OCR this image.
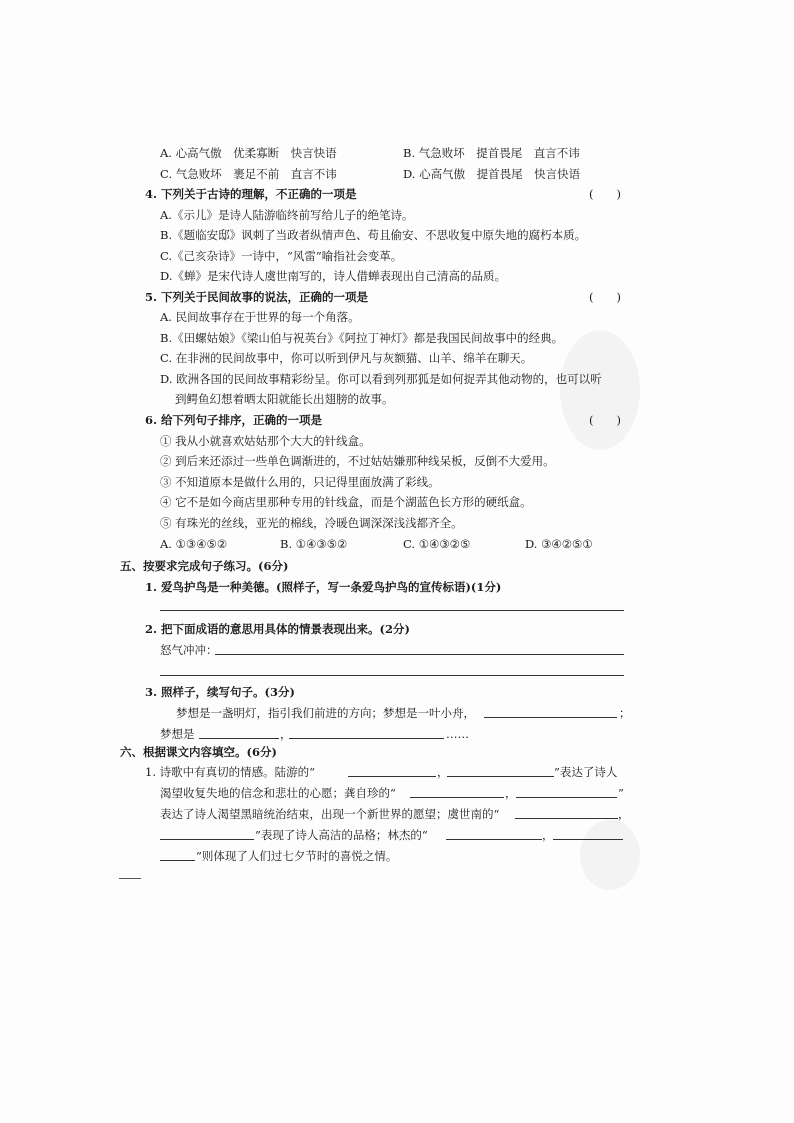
A. 心高气傲　优柔寡断　快言快语	B. 气急败坏　提首畏尾　直言不讳
C. 气急败坏　裹足不前　直言不讳	D. 心高气傲　提首畏尾　快言快语
4. 下列关于古诗的理解，不正确的一项是	(　　)
A.《示儿》是诗人陆游临终前写给儿子的绝笔诗。
B.《题临安邸》讽刺了当政者纵情声色、苟且偷安、不思收复中原失地的腐朽本质。
C.《己亥杂诗》一诗中，“风雷”喻指社会变革。
D.《蝉》是宋代诗人虞世南写的，诗人借蝉表现出自己清高的品质。
5. 下列关于民间故事的说法，正确的一项是	(　　)
A. 民间故事存在于世界的每一个角落。
B.《田螺姑娘》《梁山伯与祝英台》《阿拉丁神灯》都是我国民间故事中的经典。
C. 在非洲的民间故事中，你可以听到伊凡与灰额猫、山羊、绵羊在聊天。
D. 欧洲各国的民间故事精彩纷呈。你可以看到列那狐是如何捉弄其他动物的，也可以听
到鳄鱼幻想着晒太阳就能长出翅膀的故事。
6. 给下列句子排序，正确的一项是	(　　)
① 我从小就喜欢姑姑那个大大的针线盒。
② 到后来还添过一些单色调渐进的，不过姑姑嫌那种线呆板，反倒不大爱用。
③ 不知道原本是做什么用的，只记得里面放满了彩线。
④ 它不是如今商店里那种专用的针线盒，而是个湖蓝色长方形的硬纸盒。
⑤ 有珠光的丝线，亚光的棉线，冷暖色调深深浅浅都齐全。
A. ①③④⑤②	B. ①④③⑤②	C. ①④③②⑤	D. ③④②⑤①
五、按要求完成句子练习。(6分)
1. 爱鸟护鸟是一种美德。(照样子，写一条爱鸟护鸟的宣传标语)(1分)
2. 把下面成语的意思用具体的情景表现出来。(2分)
怒气冲冲：
3. 照样子，续写句子。(3分)
梦想是一盏明灯，指引我们前进的方向；梦想是一叶小舟，	；
梦想是	，	……
六、根据课文内容填空。(6分)
1. 诗歌中有真切的情感。陆游的“	，	”表达了诗人
渴望收复失地的信念和悲壮的心愿；龚自珍的“	，	”
表达了诗人渴望黑暗统治结束，出现一个新世界的愿望；虞世南的“	，
”表现了诗人高洁的品格；林杰的“	，
”则体现了人们过七夕节时的喜悦之情。
